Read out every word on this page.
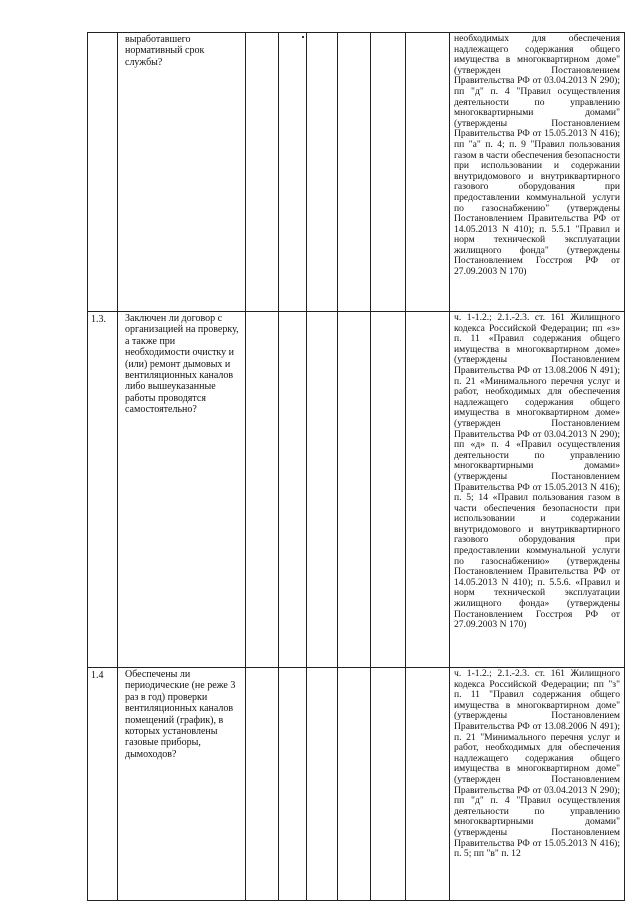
	выработавшего нормативный срок службы?							необходимых для обеспечения надлежащего содержания общего имущества в многоквартирном доме" (утвержден Постановлением Правительства РФ от 03.04.2013 N 290); пп "д" п. 4 "Правил осуществления деятельности по управлению многоквартирными домами" (утверждены Постановлением Правительства РФ от 15.05.2013 N 416); пп "а" п. 4; п. 9 "Правил пользования газом в части обеспечения безопасности при использовании и содержании внутридомового и внутриквартирного газового оборудования при предоставлении коммунальной услуги по газоснабжению" (утверждены Постановлением Правительства РФ от 14.05.2013 N 410); п. 5.5.1 "Правил и норм технической эксплуатации жилищного фонда" (утверждены Постановлением Госстроя РФ от 27.09.2003 N 170)
1.3.	Заключен ли договор с организацией на проверку, а также при необходимости очистку и (или) ремонт дымовых и вентиляционных каналов либо вышеуказанные работы проводятся самостоятельно?							ч. 1-1.2.; 2.1.-2.3. ст. 161 Жилищного кодекса Российской Федерации; пп «з» п. 11 «Правил содержания общего имущества в многоквартирном доме» (утверждены Постановлением Правительства РФ от 13.08.2006 N 491); п. 21 «Минимального перечня услуг и работ, необходимых для обеспечения надлежащего содержания общего имущества в многоквартирном доме» (утвержден Постановлением Правительства РФ от 03.04.2013 N 290); пп «д» п. 4 «Правил осуществления деятельности по управлению многоквартирными домами» (утверждены Постановлением Правительства РФ от 15.05.2013 N 416); п. 5; 14 «Правил пользования газом в части обеспечения безопасности при использовании и содержании внутридомового и внутриквартирного газового оборудования при предоставлении коммунальной услуги по газоснабжению» (утверждены Постановлением Правительства РФ от 14.05.2013 N 410); п. 5.5.6. «Правил и норм технической эксплуатации жилищного фонда» (утверждены Постановлением Госстроя РФ от 27.09.2003 N 170)
1.4	Обеспечены ли периодические (не реже 3 раз в год) проверки вентиляционных каналов помещений (график), в которых установлены газовые приборы, дымоходов?							ч. 1-1.2.; 2.1.-2.3. ст. 161 Жилищного кодекса Российской Федерации; пп "з" п. 11 "Правил содержания общего имущества в многоквартирном доме" (утверждены Постановлением Правительства РФ от 13.08.2006 N 491); п. 21 "Минимального перечня услуг и работ, необходимых для обеспечения надлежащего содержания общего имущества в многоквартирном доме" (утвержден Постановлением Правительства РФ от 03.04.2013 N 290); пп "д" п. 4 "Правил осуществления деятельности по управлению многоквартирными домами" (утверждены Постановлением Правительства РФ от 15.05.2013 N 416); п. 5; пп "в" п. 12
